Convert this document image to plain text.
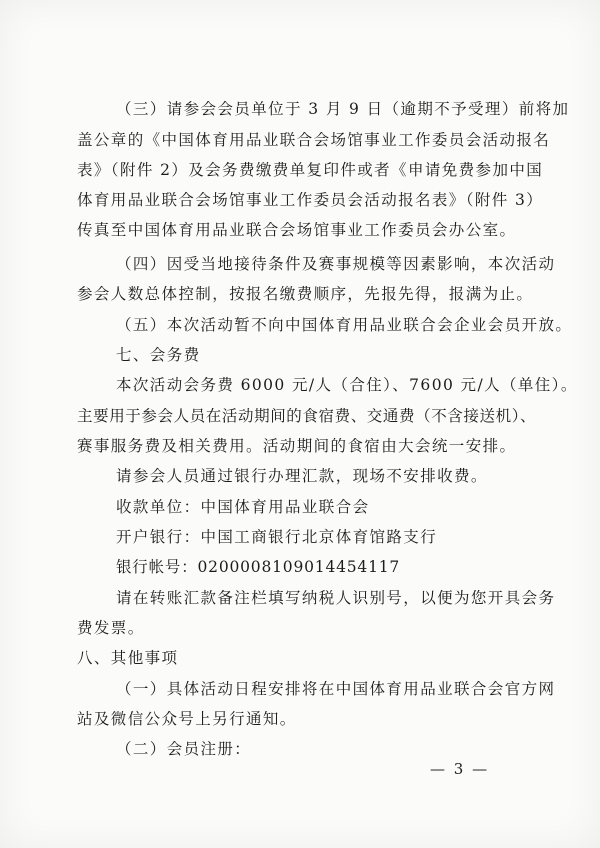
（三）请参会会员单位于 3 月 9 日（逾期不予受理）前将加
盖公章的《中国体育用品业联合会场馆事业工作委员会活动报名
表》（附件 2）及会务费缴费单复印件或者《申请免费参加中国
体育用品业联合会场馆事业工作委员会活动报名表》（附件 3）
传真至中国体育用品业联合会场馆事业工作委员会办公室。
（四）因受当地接待条件及赛事规模等因素影响，本次活动
参会人数总体控制，按报名缴费顺序，先报先得，报满为止。
（五）本次活动暂不向中国体育用品业联合会企业会员开放。
七、会务费
本次活动会务费 6000 元/人（合住）、7600 元/人（单住）。
主要用于参会人员在活动期间的食宿费、交通费（不含接送机）、
赛事服务费及相关费用。活动期间的食宿由大会统一安排。
请参会人员通过银行办理汇款，现场不安排收费。
收款单位：中国体育用品业联合会
开户银行：中国工商银行北京体育馆路支行
银行帐号：0200008109014454117
请在转账汇款备注栏填写纳税人识别号，以便为您开具会务
费发票。
八、其他事项
（一）具体活动日程安排将在中国体育用品业联合会官方网
站及微信公众号上另行通知。
（二）会员注册：
— 3 —
